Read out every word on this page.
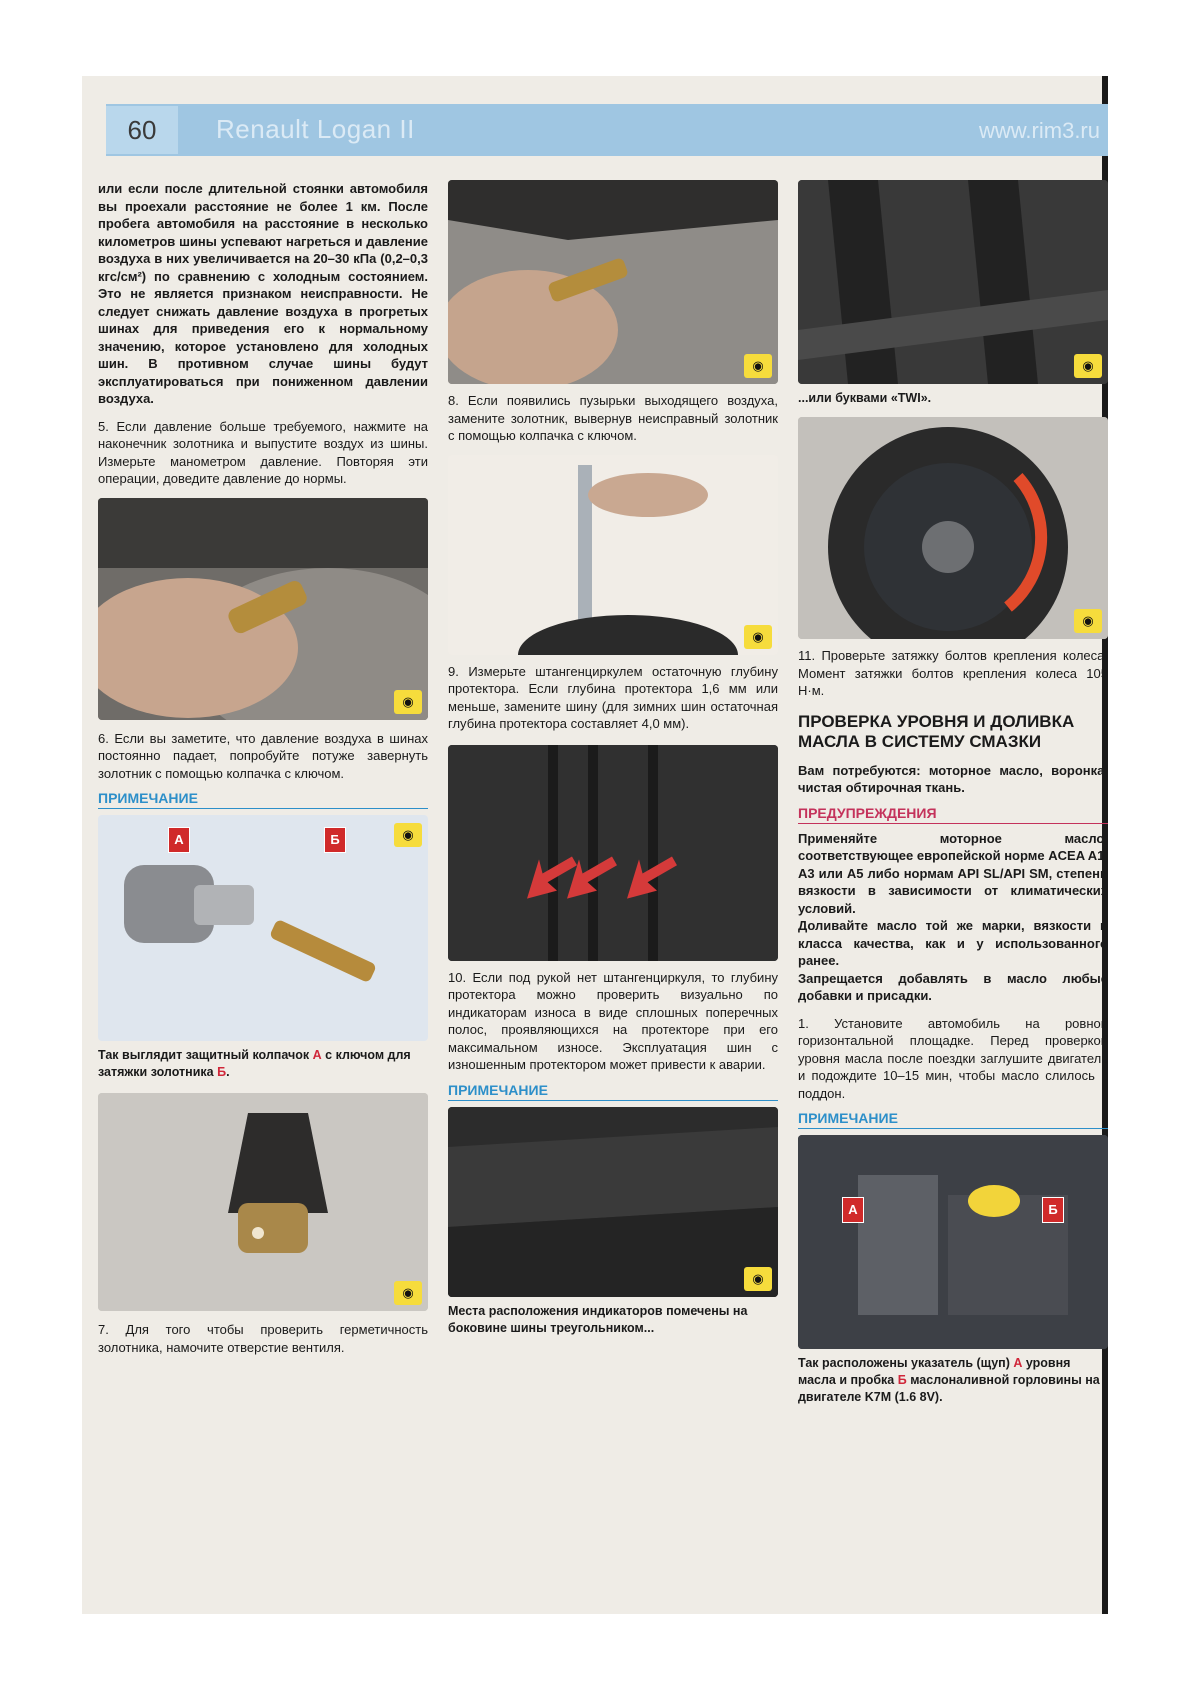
60	Renault Logan II	www.rim3.ru

или если после длительной стоянки автомобиля вы проехали расстояние не более 1 км. После пробега автомобиля на расстояние в несколько километров шины успевают нагреться и давление воздуха в них увеличивается на 20–30 кПа (0,2–0,3 кгс/см²) по сравнению с холодным состоянием. Это не является признаком неисправности. Не следует снижать давление воздуха в прогретых шинах для приведения его к нормальному значению, которое установлено для холодных шин. В противном случае шины будут эксплуатироваться при пониженном давлении воздуха.

5. Если давление больше требуемого, нажмите на наконечник золотника и выпустите воздух из шины. Измерьте манометром давление. Повторяя эти операции, доведите давление до нормы.

◉

6. Если вы заметите, что давление воздуха в шинах постоянно падает, попробуйте потуже завернуть золотник с помощью колпачка с ключом.

ПРИМЕЧАНИЕ
А	Б	◉

Так выглядит защитный колпачок А с ключом для затяжки золотника Б.

◉

7. Для того чтобы проверить герметичность золотника, намочите отверстие вентиля.

◉

8. Если появились пузырьки выходящего воздуха, замените золотник, вывернув неисправный золотник с помощью колпачка с ключом.

◉

9. Измерьте штангенциркулем остаточную глубину протектора. Если глубина протектора 1,6 мм или меньше, замените шину (для зимних шин остаточная глубина протектора составляет 4,0 мм).

10. Если под рукой нет штангенциркуля, то глубину протектора можно проверить визуально по индикаторам износа в виде сплошных поперечных полос, проявляющихся на протекторе при его максимальном износе. Эксплуатация шин с изношенным протектором может привести к аварии.

ПРИМЕЧАНИЕ
◉

Места расположения индикаторов помечены на боковине шины треугольником...

◉

...или буквами «TWI».

◉

11. Проверьте затяжку болтов крепления колеса. Момент затяжки болтов крепления колеса 105 Н·м.

ПРОВЕРКА УРОВНЯ И ДОЛИВКА МАСЛА В СИСТЕМУ СМАЗКИ

Вам потребуются: моторное масло, воронка, чистая обтирочная ткань.

ПРЕДУПРЕЖДЕНИЯ

Применяйте моторное масло, соответствующее европейской норме ACEA A1, A3 или A5 либо нормам API SL/API SM, степени вязкости в зависимости от климатических условий.

Доливайте масло той же марки, вязкости и класса качества, как и у использованного ранее.

Запрещается добавлять в масло любые добавки и присадки.

1. Установите автомобиль на ровной горизонтальной площадке. Перед проверкой уровня масла после поездки заглушите двигатель и подождите 10–15 мин, чтобы масло слилось в поддон.

ПРИМЕЧАНИЕ
А	Б

Так расположены указатель (щуп) А уровня масла и пробка Б маслоналивной горловины на двигателе K7M (1.6 8V).
